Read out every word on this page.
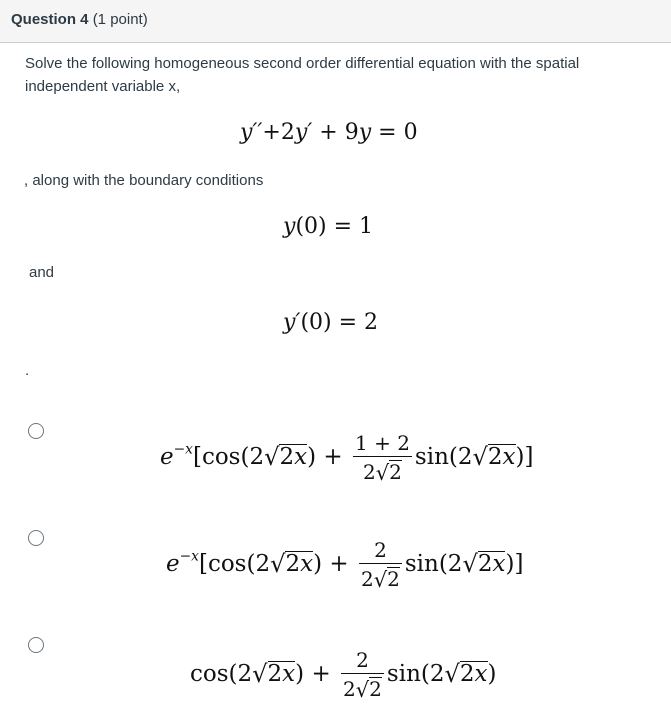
Question 4 (1 point)
Solve the following homogeneous second order differential equation with the spatial independent variable x,
y′′+2y′ + 9y = 0
, along with the boundary conditions
y(0) = 1
and
y′(0) = 2
.
$e^{-x}[\cos(2√2x) + \frac{1 + 2}{2√2} \sin(2√2x)]$
$e^{-x}[\cos(2√2x) + \frac{2}{2√2} \sin(2√2x)]$
$\cos(2√2x) + \frac{2}{2√2} \sin(2√2x)$
